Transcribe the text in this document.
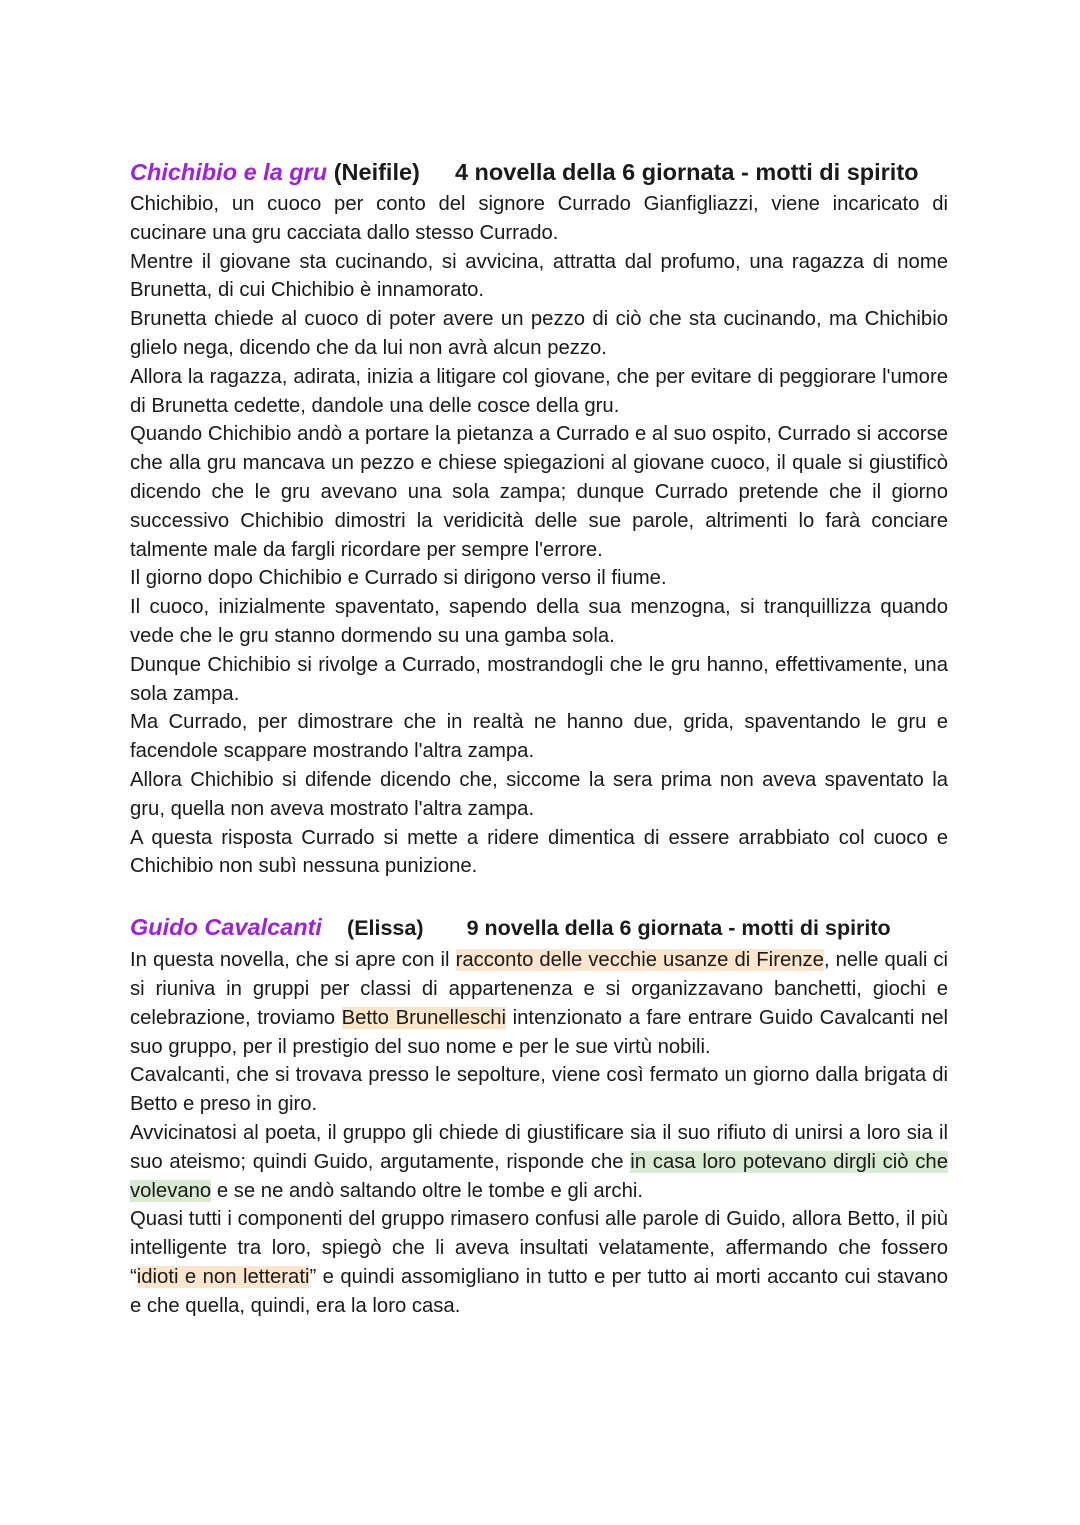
Chichibio e la gru (Neifile) 4 novella della 6 giornata - motti di spirito

Chichibio, un cuoco per conto del signore Currado Gianfigliazzi, viene incaricato di cucinare una gru cacciata dallo stesso Currado.

Mentre il giovane sta cucinando, si avvicina, attratta dal profumo, una ragazza di nome Brunetta, di cui Chichibio è innamorato.

Brunetta chiede al cuoco di poter avere un pezzo di ciò che sta cucinando, ma Chichibio glielo nega, dicendo che da lui non avrà alcun pezzo.

Allora la ragazza, adirata, inizia a litigare col giovane, che per evitare di peggiorare l'umore di Brunetta cedette, dandole una delle cosce della gru.

Quando Chichibio andò a portare la pietanza a Currado e al suo ospito, Currado si accorse che alla gru mancava un pezzo e chiese spiegazioni al giovane cuoco, il quale si giustificò dicendo che le gru avevano una sola zampa; dunque Currado pretende che il giorno successivo Chichibio dimostri la veridicità delle sue parole, altrimenti lo farà conciare talmente male da fargli ricordare per sempre l'errore.

Il giorno dopo Chichibio e Currado si dirigono verso il fiume.

Il cuoco, inizialmente spaventato, sapendo della sua menzogna, si tranquillizza quando vede che le gru stanno dormendo su una gamba sola.

Dunque Chichibio si rivolge a Currado, mostrandogli che le gru hanno, effettivamente, una sola zampa.

Ma Currado, per dimostrare che in realtà ne hanno due, grida, spaventando le gru e facendole scappare mostrando l'altra zampa.

Allora Chichibio si difende dicendo che, siccome la sera prima non aveva spaventato la gru, quella non aveva mostrato l'altra zampa.

A questa risposta Currado si mette a ridere dimentica di essere arrabbiato col cuoco e Chichibio non subì nessuna punizione.

Guido Cavalcanti (Elissa) 9 novella della 6 giornata - motti di spirito

In questa novella, che si apre con il racconto delle vecchie usanze di Firenze, nelle quali ci si riuniva in gruppi per classi di appartenenza e si organizzavano banchetti, giochi e celebrazione, troviamo Betto Brunelleschi intenzionato a fare entrare Guido Cavalcanti nel suo gruppo, per il prestigio del suo nome e per le sue virtù nobili.

Cavalcanti, che si trovava presso le sepolture, viene così fermato un giorno dalla brigata di Betto e preso in giro.

Avvicinatosi al poeta, il gruppo gli chiede di giustificare sia il suo rifiuto di unirsi a loro sia il suo ateismo; quindi Guido, argutamente, risponde che in casa loro potevano dirgli ciò che volevano e se ne andò saltando oltre le tombe e gli archi.

Quasi tutti i componenti del gruppo rimasero confusi alle parole di Guido, allora Betto, il più intelligente tra loro, spiegò che li aveva insultati velatamente, affermando che fossero “idioti e non letterati” e quindi assomigliano in tutto e per tutto ai morti accanto cui stavano e che quella, quindi, era la loro casa.
